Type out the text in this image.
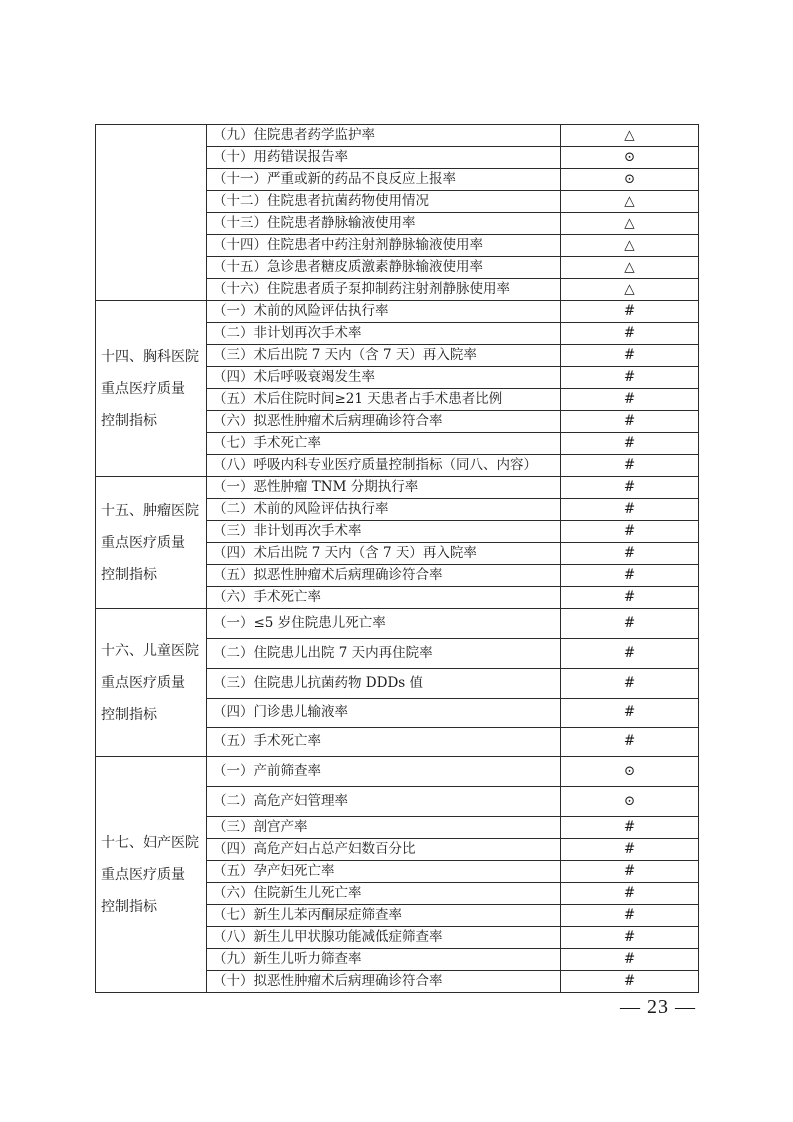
	（九）住院患者药学监护率	△
	（十）用药错误报告率	⊙
	（十一）严重或新的药品不良反应上报率	⊙
	（十二）住院患者抗菌药物使用情况	△
	（十三）住院患者静脉输液使用率	△
	（十四）住院患者中药注射剂静脉输液使用率	△
	（十五）急诊患者糖皮质激素静脉输液使用率	△
	（十六）住院患者质子泵抑制药注射剂静脉使用率	△

十四、胸科医院
重点医疗质量
控制指标	（一）术前的风险评估执行率	#
	（二）非计划再次手术率	#
	（三）术后出院 7 天内（含 7 天）再入院率	#
	（四）术后呼吸衰竭发生率	#
	（五）术后住院时间≥21 天患者占手术患者比例	#
	（六）拟恶性肿瘤术后病理确诊符合率	#
	（七）手术死亡率	#
	（八）呼吸内科专业医疗质量控制指标（同八、内容）	#

十五、肿瘤医院
重点医疗质量
控制指标	（一）恶性肿瘤 TNM 分期执行率	#
	（二）术前的风险评估执行率	#
	（三）非计划再次手术率	#
	（四）术后出院 7 天内（含 7 天）再入院率	#
	（五）拟恶性肿瘤术后病理确诊符合率	#
	（六）手术死亡率	#

十六、儿童医院
重点医疗质量
控制指标	（一）≤5 岁住院患儿死亡率	#
	（二）住院患儿出院 7 天内再住院率	#
	（三）住院患儿抗菌药物 DDDs 值	#
	（四）门诊患儿输液率	#
	（五）手术死亡率	#

十七、妇产医院
重点医疗质量
控制指标	（一）产前筛查率	⊙
	（二）高危产妇管理率	⊙
	（三）剖宫产率	#
	（四）高危产妇占总产妇数百分比	#
	（五）孕产妇死亡率	#
	（六）住院新生儿死亡率	#
	（七）新生儿苯丙酮尿症筛查率	#
	（八）新生儿甲状腺功能减低症筛查率	#
	（九）新生儿听力筛查率	#
	（十）拟恶性肿瘤术后病理确诊符合率	#
— 23 —
